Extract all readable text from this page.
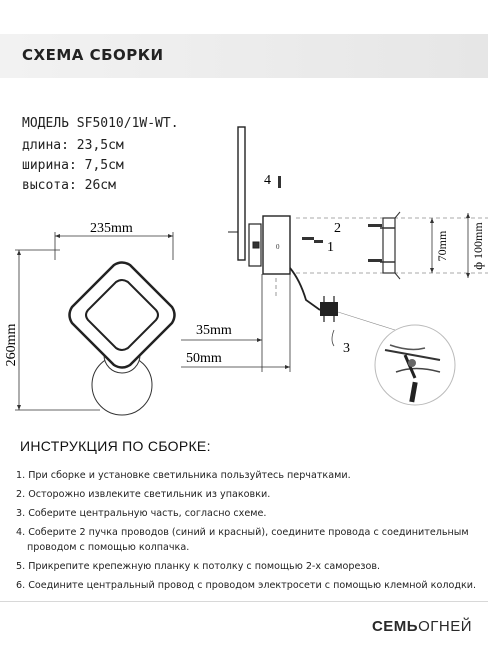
СХЕМА СБОРКИ
МОДЕЛЬ SF5010/1W-WT.
длина: 23,5см
ширина: 7,5см
высота: 26см
235mm
260mm
0
35mm
50mm
70mm ф 100mm
4
2
1
3
ИНСТРУКЦИЯ ПО СБОРКЕ:
1. При сборке и установке светильника пользуйтесь перчатками.
2. Осторожно извлеките светильник из упаковки.
3. Соберите центральную часть, согласно схеме.
4. Соберите 2 пучка проводов (синий и красный), соедините провода с соединительным
проводом с помощью колпачка.
5. Прикрепите крепежную планку к потолку с помощью 2-х саморезов.
6. Соедините центральный провод с проводом электросети с помощью клемной колодки.
СЕМЬОГНЕЙ
